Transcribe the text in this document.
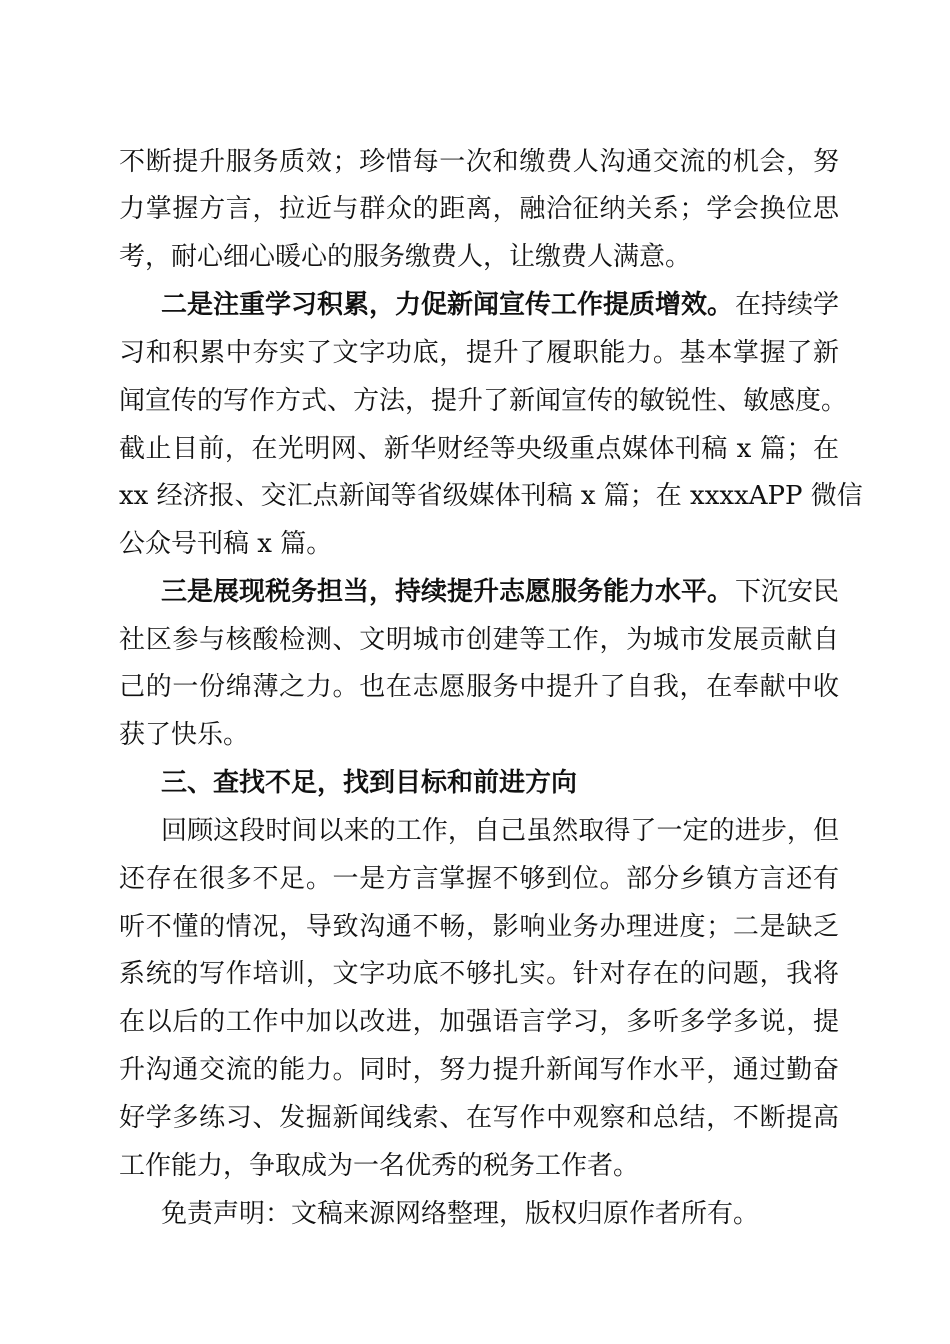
不断提升服务质效；珍惜每一次和缴费人沟通交流的机会，努
力掌握方言，拉近与群众的距离，融洽征纳关系；学会换位思
考，耐心细心暖心的服务缴费人，让缴费人满意。
二是注重学习积累，力促新闻宣传工作提质增效。 在持续学
习和积累中夯实了文字功底，提升了履职能力。基本掌握了新
闻宣传的写作方式、方法，提升了新闻宣传的敏锐性、敏感度。
截止目前，在光明网、新华财经等央级重点媒体刊稿 x 篇；在
xx 经济报、交汇点新闻等省级媒体刊稿 x 篇；在 xxxxAPP 微信
公众号刊稿 x 篇。
三是展现税务担当，持续提升志愿服务能力水平。 下沉安民
社区参与核酸检测、文明城市创建等工作，为城市发展贡献自
己的一份绵薄之力。也在志愿服务中提升了自我，在奉献中收
获了快乐。
三、查找不足，找到目标和前进方向
回顾这段时间以来的工作，自己虽然取得了一定的进步，但
还存在很多不足。一是方言掌握不够到位。部分乡镇方言还有
听不懂的情况，导致沟通不畅，影响业务办理进度；二是缺乏
系统的写作培训，文字功底不够扎实。针对存在的问题，我将
在以后的工作中加以改进，加强语言学习，多听多学多说，提
升沟通交流的能力。同时，努力提升新闻写作水平，通过勤奋
好学多练习、发掘新闻线索、在写作中观察和总结，不断提高
工作能力，争取成为一名优秀的税务工作者。
免责声明：文稿来源网络整理，版权归原作者所有。
